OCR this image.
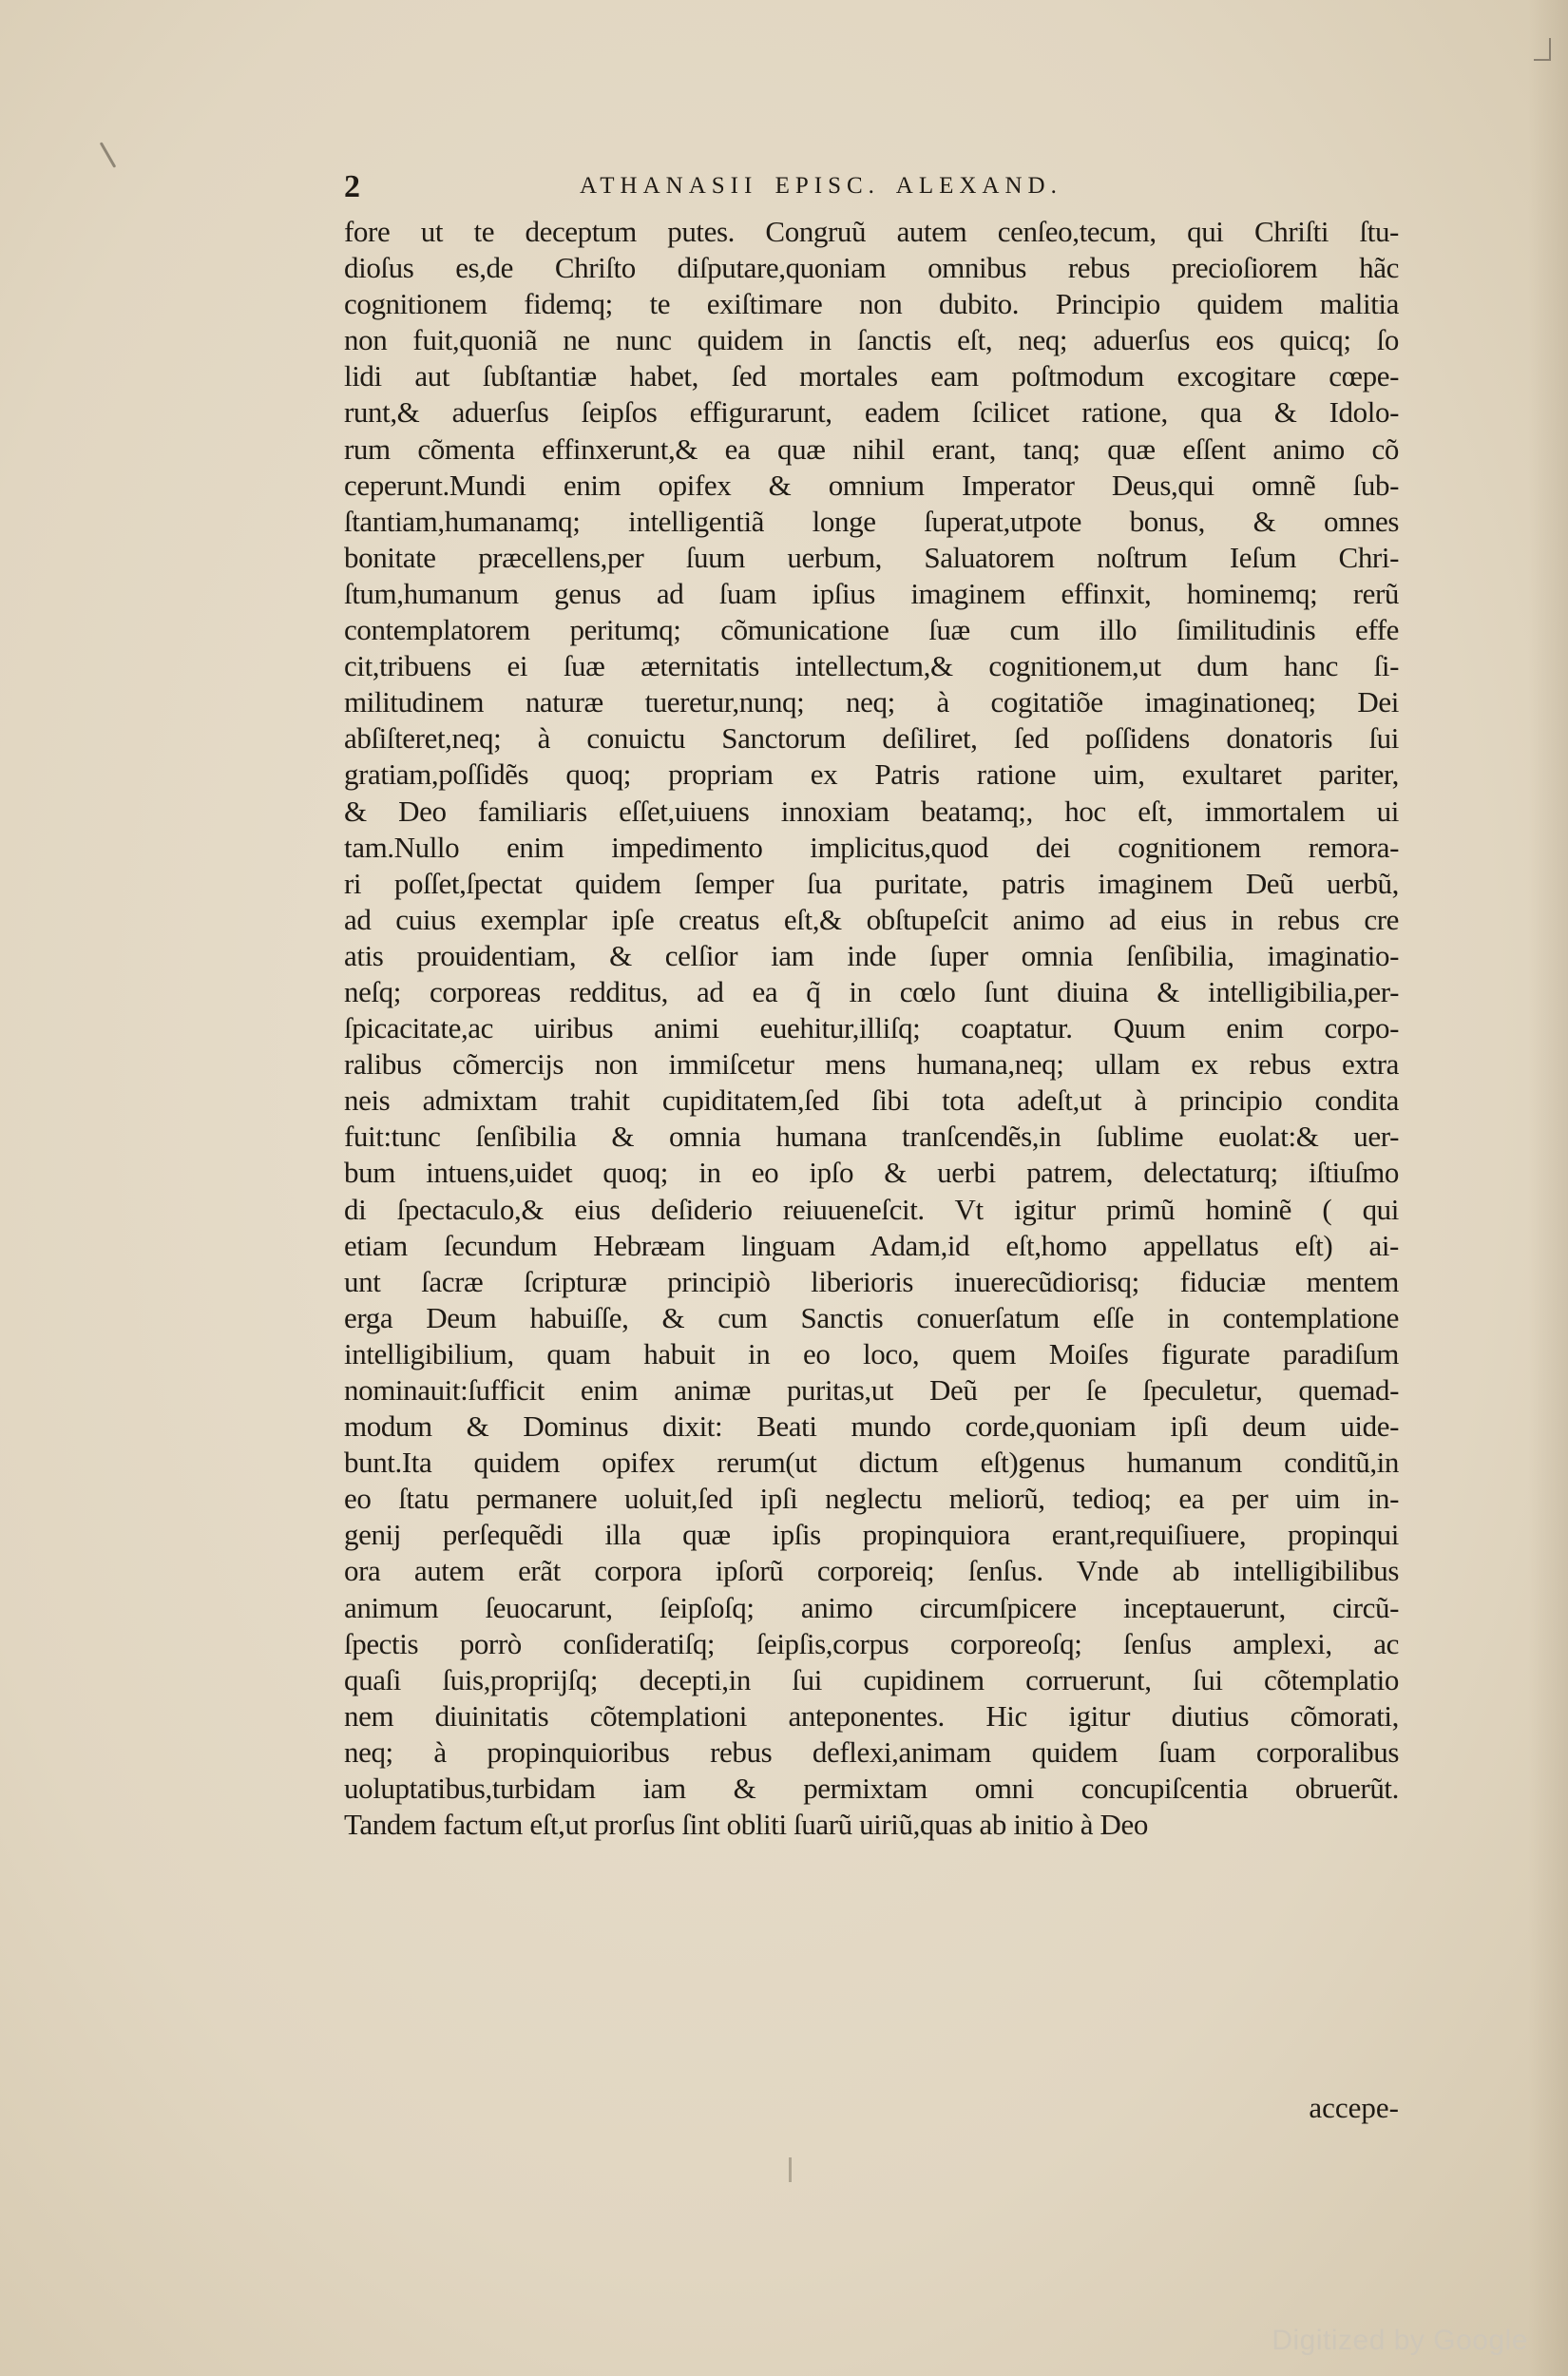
2	ATHANASII EPISC. ALEXAND.
fore ut te deceptum putes. Congruũ autem cenſeo,tecum, qui Chriſti ſtu-
dioſus es,de Chriſto diſputare,quoniam omnibus rebus precioſiorem hãc
cognitionem fidemq; te exiſtimare non dubito. Principio quidem malitia
non fuit,quoniã ne nunc quidem in ſanctis eſt, neq; aduerſus eos quicq; ſo
lidi aut ſubſtantiæ habet, ſed mortales eam poſtmodum excogitare cœpe-
runt,& aduerſus ſeipſos effigurarunt, eadem ſcilicet ratione, qua & Idolo-
rum cõmenta effinxerunt,& ea quæ nihil erant, tanq; quæ eſſent animo cõ
ceperunt.Mundi enim opifex & omnium Imperator Deus,qui omnẽ ſub-
ſtantiam,humanamq; intelligentiã longe ſuperat,utpote bonus, & omnes
bonitate præcellens,per ſuum uerbum, Saluatorem noſtrum Ieſum Chri-
ſtum,humanum genus ad ſuam ipſius imaginem effinxit, hominemq; rerũ
contemplatorem peritumq; cõmunicatione ſuæ cum illo ſimilitudinis effe
cit,tribuens ei ſuæ æternitatis intellectum,& cognitionem,ut dum hanc ſi-
militudinem naturæ tueretur,nunq; neq; à cogitatiõe imaginationeq; Dei
abſiſteret,neq; à conuictu Sanctorum deſiliret, ſed poſſidens donatoris ſui
gratiam,poſſidẽs quoq; propriam ex Patris ratione uim, exultaret pariter,
& Deo familiaris eſſet,uiuens innoxiam beatamq;, hoc eſt, immortalem ui
tam.Nullo enim impedimento implicitus,quod dei cognitionem remora-
ri poſſet,ſpectat quidem ſemper ſua puritate, patris imaginem Deũ uerbũ,
ad cuius exemplar ipſe creatus eſt,& obſtupeſcit animo ad eius in rebus cre
atis prouidentiam, & celſior iam inde ſuper omnia ſenſibilia, imaginatio-
neſq; corporeas redditus, ad ea q̃ in cœlo ſunt diuina & intelligibilia,per-
ſpicacitate,ac uiribus animi euehitur,illiſq; coaptatur. Quum enim corpo-
ralibus cõmercijs non immiſcetur mens humana,neq; ullam ex rebus extra
neis admixtam trahit cupiditatem,ſed ſibi tota adeſt,ut à principio condita
fuit:tunc ſenſibilia & omnia humana tranſcendẽs,in ſublime euolat:& uer-
bum intuens,uidet quoq; in eo ipſo & uerbi patrem, delectaturq; iſtiuſmo
di ſpectaculo,& eius deſiderio reiuueneſcit. Vt igitur primũ hominẽ ( qui
etiam ſecundum Hebræam linguam Adam,id eſt,homo appellatus eſt) ai-
unt ſacræ ſcripturæ principiò liberioris inuerecũdiorisq; fiduciæ mentem
erga Deum habuiſſe, & cum Sanctis conuerſatum eſſe in contemplatione
intelligibilium, quam habuit in eo loco, quem Moiſes figurate paradiſum
nominauit:ſufficit enim animæ puritas,ut Deũ per ſe ſpeculetur, quemad-
modum & Dominus dixit: Beati mundo corde,quoniam ipſi deum uide-
bunt.Ita quidem opifex rerum(ut dictum eſt)genus humanum conditũ,in
eo ſtatu permanere uoluit,ſed ipſi neglectu meliorũ, tedioq; ea per uim in-
genij perſequẽdi illa quæ ipſis propinquiora erant,requiſiuere, propinqui
ora autem erãt corpora ipſorũ corporeiq; ſenſus. Vnde ab intelligibilibus
animum ſeuocarunt, ſeipſoſq; animo circumſpicere inceptauerunt, circũ-
ſpectis porrò conſideratiſq; ſeipſis,corpus corporeoſq; ſenſus amplexi, ac
quaſi ſuis,proprijſq; decepti,in ſui cupidinem corruerunt, ſui cõtemplatio
nem diuinitatis cõtemplationi anteponentes. Hic igitur diutius cõmorati,
neq; à propinquioribus rebus deflexi,animam quidem ſuam corporalibus
uoluptatibus,turbidam iam & permixtam omni concupiſcentia obruerũt.
Tandem factum eſt,ut prorſus ſint obliti ſuarũ uiriũ,quas ab initio à Deo
accepe-
Digitized by Google
